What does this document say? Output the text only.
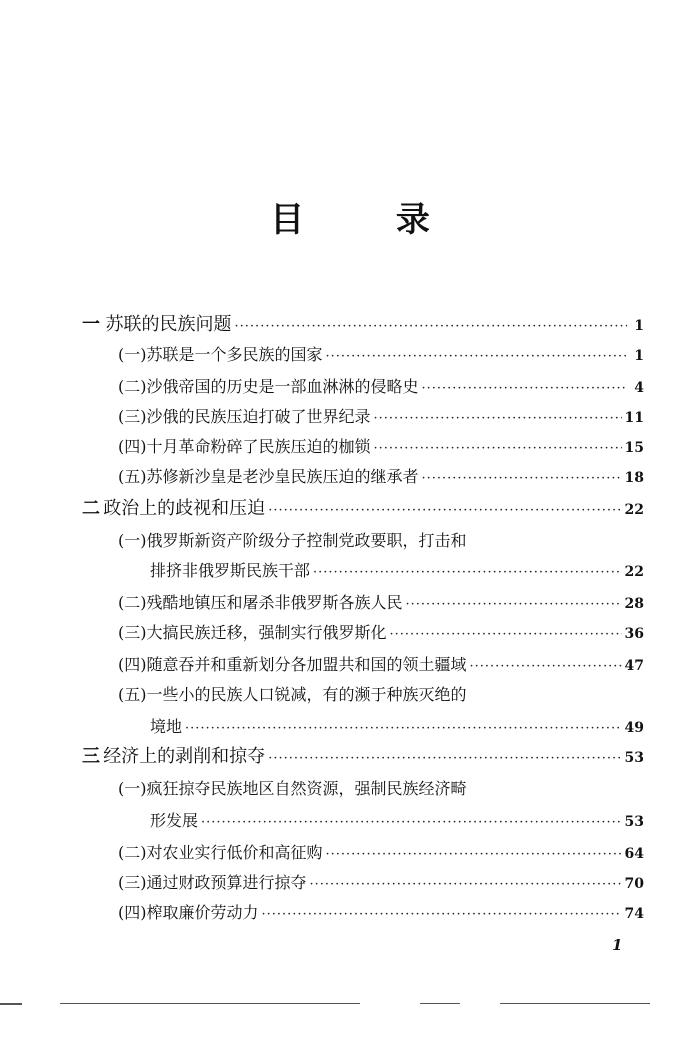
目 录
一 苏联的民族问题 ·····	1
(一)苏联是一个多民族的国家 ·····	1
(二)沙俄帝国的历史是一部血淋淋的侵略史 ·····	4
(三)沙俄的民族压迫打破了世界纪录 ·····	11
(四)十月革命粉碎了民族压迫的枷锁 ·····	15
(五)苏修新沙皇是老沙皇民族压迫的继承者 ·····	18
二 政治上的歧视和压迫 ·····	22
(一)俄罗斯新资产阶级分子控制党政要职，打击和
排挤非俄罗斯民族干部 ·····	22
(二)残酷地镇压和屠杀非俄罗斯各族人民 ·····	28
(三)大搞民族迁移，强制实行俄罗斯化 ·····	36
(四)随意吞并和重新划分各加盟共和国的领土疆域 ·····	47
(五)一些小的民族人口锐减，有的濒于种族灭绝的
境地 ·····	49
三 经济上的剥削和掠夺 ·····	53
(一)疯狂掠夺民族地区自然资源，强制民族经济畸
形发展 ·····	53
(二)对农业实行低价和高征购 ·····	64
(三)通过财政预算进行掠夺 ·····	70
(四)榨取廉价劳动力 ·····	74
1
